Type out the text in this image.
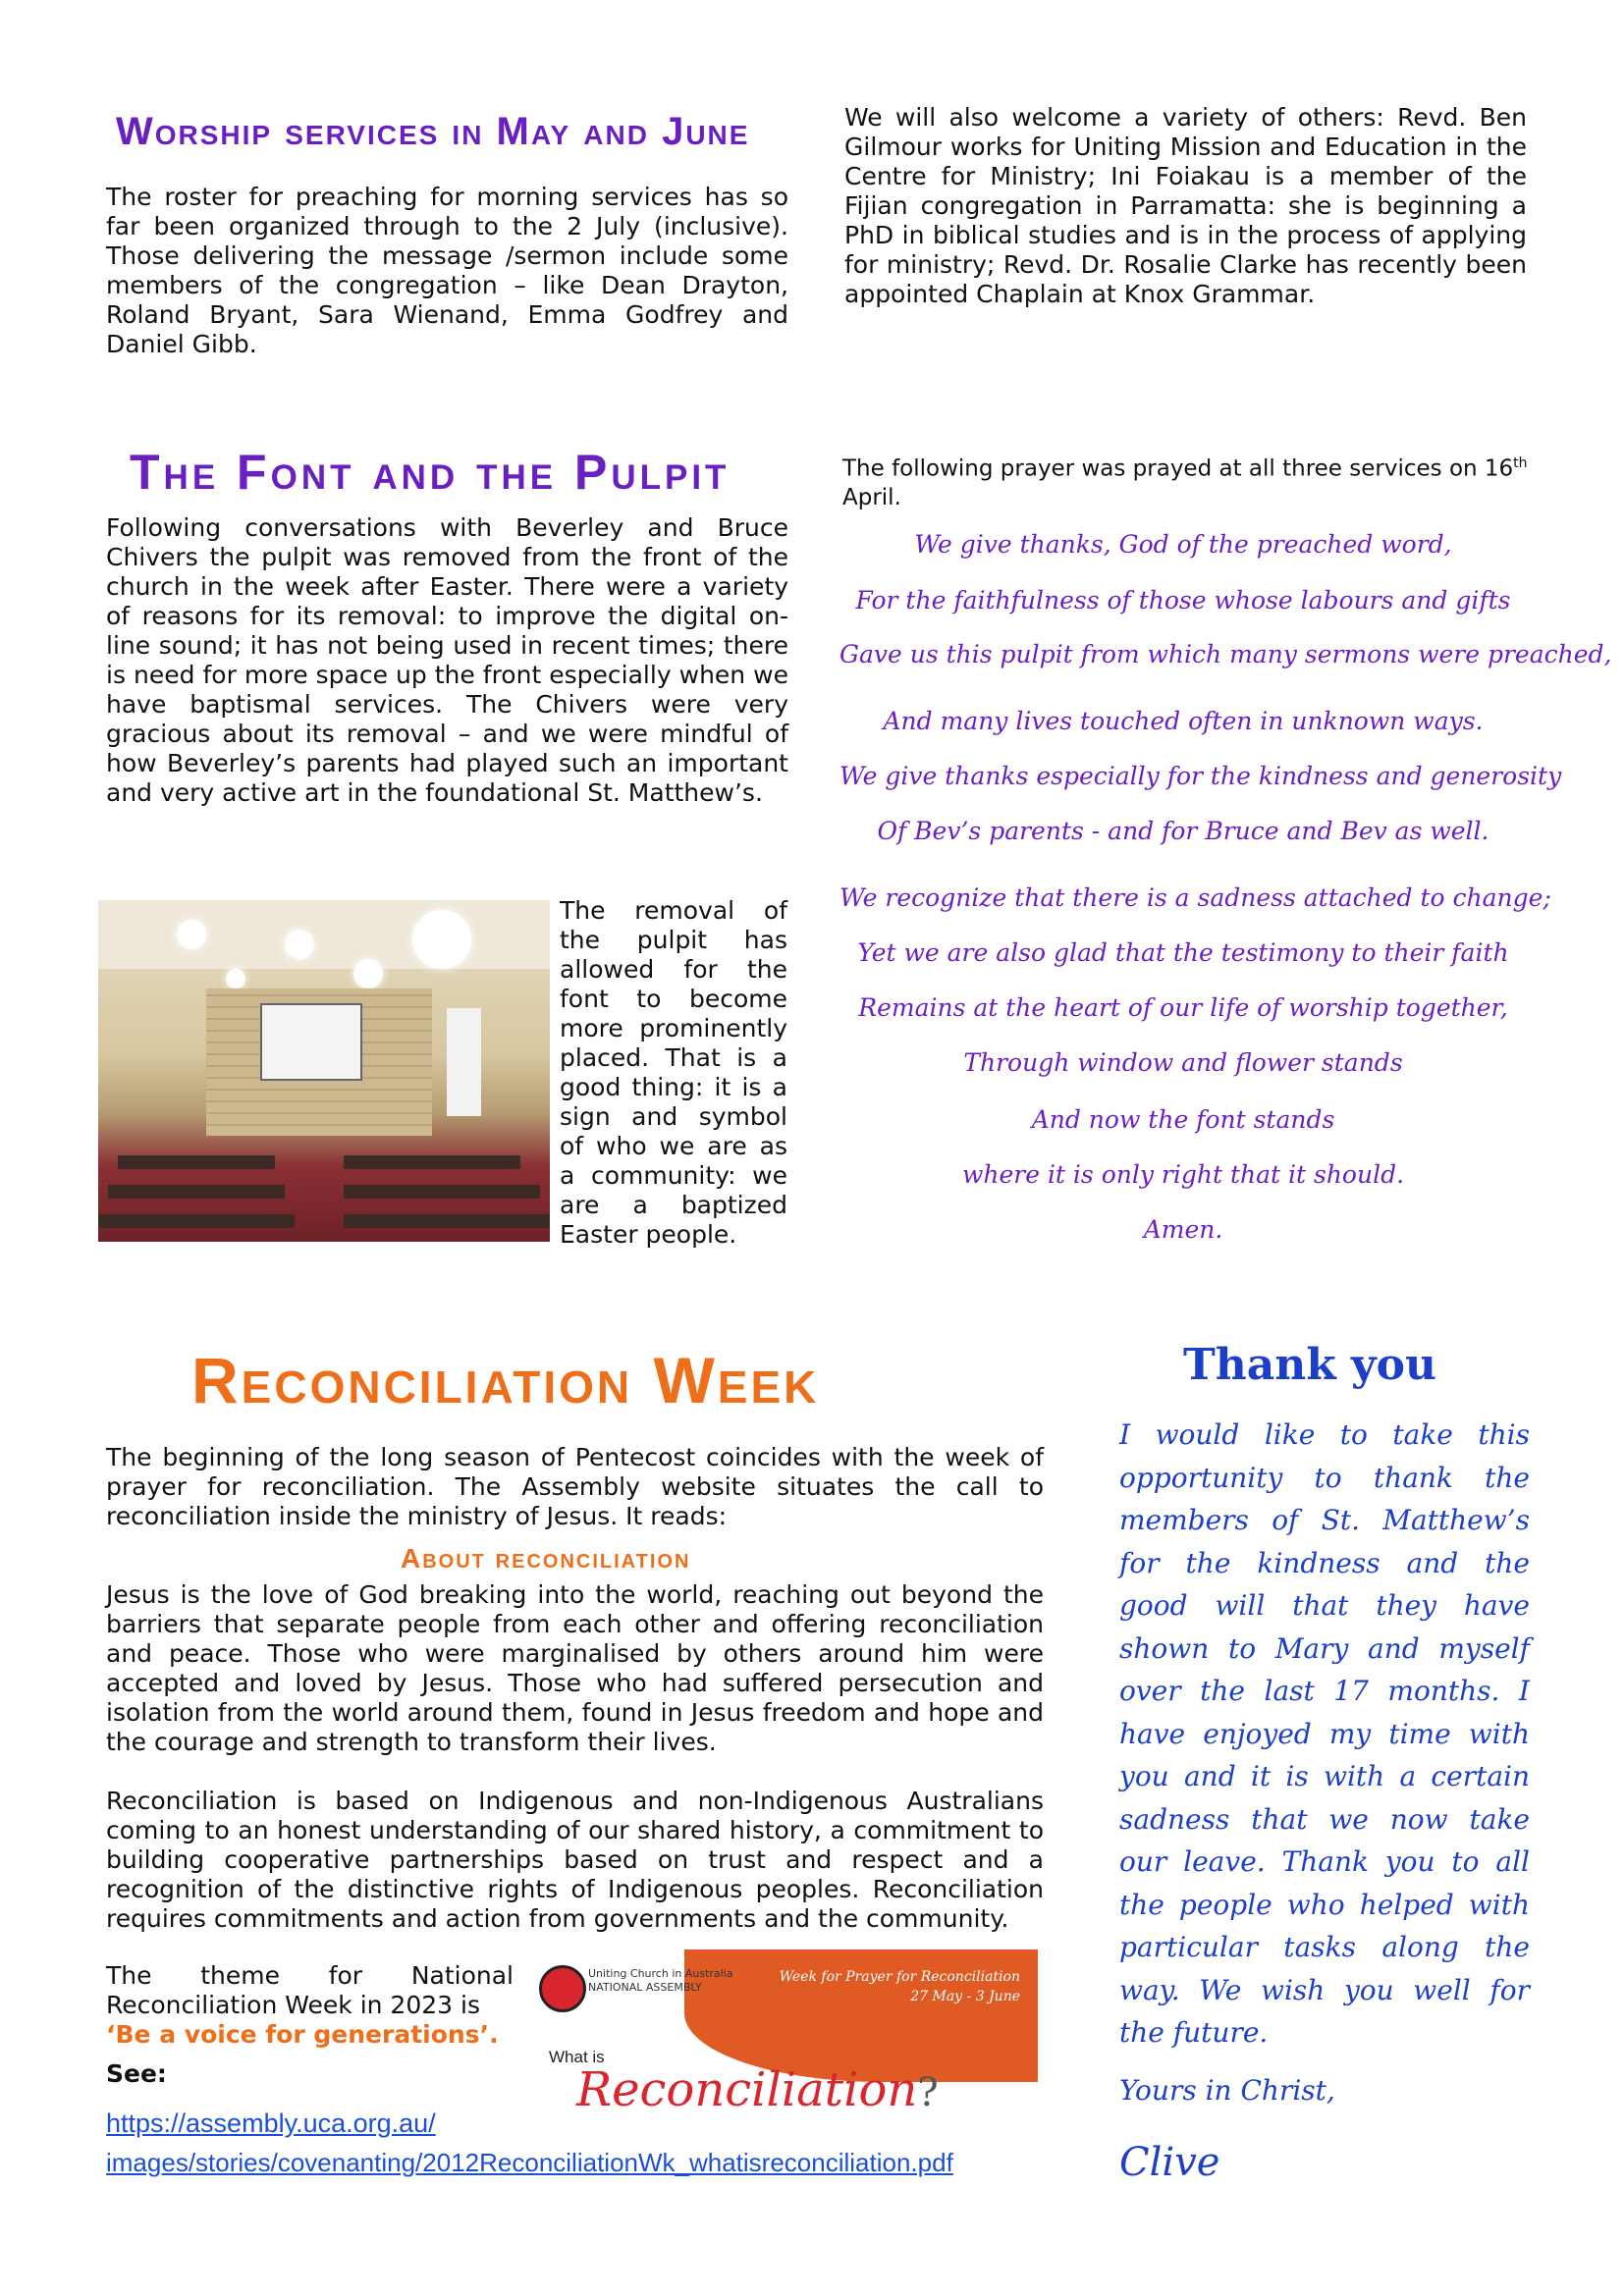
Worship services in May and June

The roster for preaching for morning services has so far been organized through to the 2 July (inclusive). Those delivering the message /sermon include some members of the congregation – like Dean Drayton, Roland Bryant, Sara Wienand, Emma Godfrey and Daniel Gibb.

We will also welcome a variety of others: Revd. Ben Gilmour works for Uniting Mission and Education in the Centre for Ministry; Ini Foiakau is a member of the Fijian congregation in Parramatta: she is beginning a PhD in biblical studies and is in the process of applying for ministry; Revd. Dr. Rosalie Clarke has recently been appointed Chaplain at Knox Grammar.

The Font and the Pulpit

Following conversations with Beverley and Bruce Chivers the pulpit was removed from the front of the church in the week after Easter. There were a variety of reasons for its removal: to improve the digital on-line sound; it has not being used in recent times; there is need for more space up the front especially when we have baptismal services. The Chivers were very gracious about its removal – and we were mindful of how Beverley’s parents had played such an important and very active art in the foundational St. Matthew’s.

The removal of the pulpit has allowed for the font to become more prominently placed. That is a good thing: it is a sign and symbol of who we are as a community: we are a baptized Easter people.

The following prayer was prayed at all three services on 16th April.

We give thanks, God of the preached word,

For the faithfulness of those whose labours and gifts

Gave us this pulpit from which many sermons were preached,

And many lives touched often in unknown ways.

We give thanks especially for the kindness and generosity

Of Bev’s parents - and for Bruce and Bev as well.

We recognize that there is a sadness attached to change;

Yet we are also glad that the testimony to their faith

Remains at the heart of our life of worship together,

Through window and flower stands

And now the font stands

where it is only right that it should.

Amen.

Reconciliation Week

The beginning of the long season of Pentecost coincides with the week of prayer for reconciliation. The Assembly website situates the call to reconciliation inside the ministry of Jesus. It reads:

About reconciliation

Jesus is the love of God breaking into the world, reaching out beyond the barriers that separate people from each other and offering reconciliation and peace. Those who were marginalised by others around him were accepted and loved by Jesus. Those who had suffered persecution and isolation from the world around them, found in Jesus freedom and hope and the courage and strength to transform their lives.

Reconciliation is based on Indigenous and non-Indigenous Australians coming to an honest understanding of our shared history, a commitment to building cooperative partnerships based on trust and respect and a recognition of the distinctive rights of Indigenous peoples. Reconciliation requires commitments and action from governments and the community.

The theme for National Reconciliation Week in 2023 is

‘Be a voice for generations’.

See:

https://assembly.uca.org.au/
images/stories/covenanting/2012ReconciliationWk_whatisreconciliation.pdf
Uniting Church in Australia
NATIONAL ASSEMBLY
Week for Prayer for Reconciliation
27 May - 3 June
What is
Reconciliation?
Thank you

I would like to take this opportunity to thank the members of St. Matthew’s for the kindness and the good will that they have shown to Mary and myself over the last 17 months. I have enjoyed my time with you and it is with a certain sadness that we now take our leave. Thank you to all the people who helped with particular tasks along the way. We wish you well for the future.

Yours in Christ,

Clive
